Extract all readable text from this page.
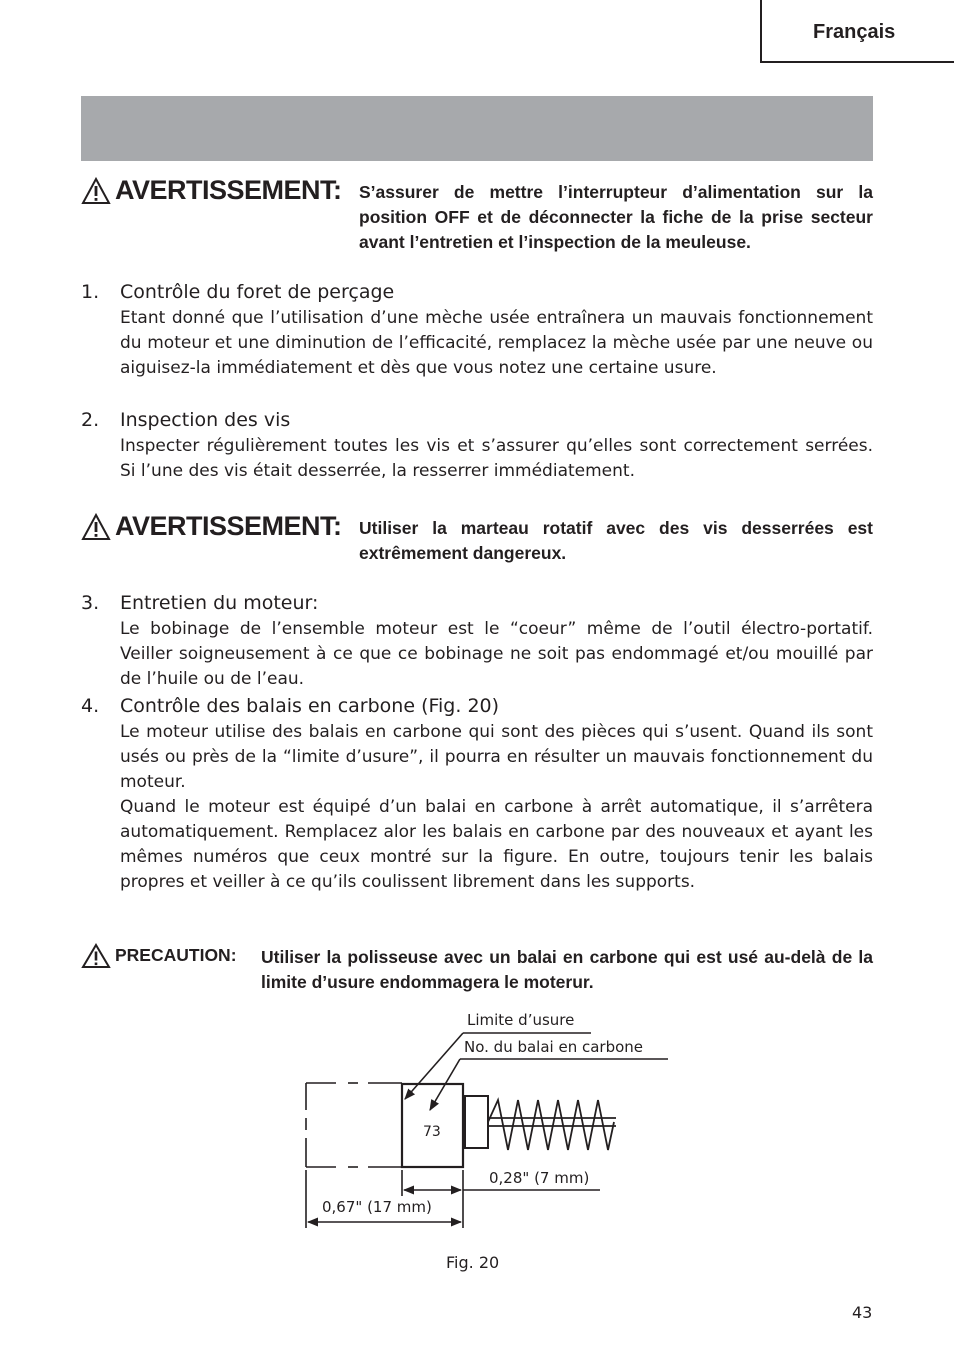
Français
AVERTISSEMENT: S’assurer de mettre l’interrupteur d’alimentation sur la position OFF et de déconnecter la fiche de la prise secteur avant l’entretien et l’inspection de la meuleuse.
1. Contrôle du foret de perçage
Etant donné que l’utilisation d’une mèche usée entraînera un mauvais fonctionnement du moteur et une diminution de l’efficacité, remplacez la mèche usée par une neuve ou aiguisez-la immédiatement et dès que vous notez une certaine usure.
2. Inspection des vis
Inspecter régulièrement toutes les vis et s’assurer qu’elles sont correctement serrées. Si l’une des vis était desserrée, la resserrer immédiatement.
AVERTISSEMENT: Utiliser la marteau rotatif avec des vis desserrées est extrêmement dangereux.
3. Entretien du moteur:
Le bobinage de l’ensemble moteur est le “coeur” même de l’outil électro-portatif. Veiller soigneusement à ce que ce bobinage ne soit pas endommagé et/ou mouillé par de l’huile ou de l’eau.
4. Contrôle des balais en carbone (Fig. 20)

Le moteur utilise des balais en carbone qui sont des pièces qui s’usent. Quand ils sont usés ou près de la “limite d’usure”, il pourra en résulter un mauvais fonctionnement du moteur.

Quand le moteur est équipé d’un balai en carbone à arrêt automatique, il s’arrêtera automatiquement. Remplacez alor les balais en carbone par des nouveaux et ayant les mêmes numéros que ceux montré sur la figure. En outre, toujours tenir les balais propres et veiller à ce qu’ils coulissent librement dans les supports.

PRECAUTION: Utiliser la polisseuse avec un balai en carbone qui est usé au-delà de la limite d’usure endommagera le moterur.
Limite d’usure
No. du balai en carbone
73
0,28" (7 mm)
0,67" (17 mm)
Fig. 20
43
